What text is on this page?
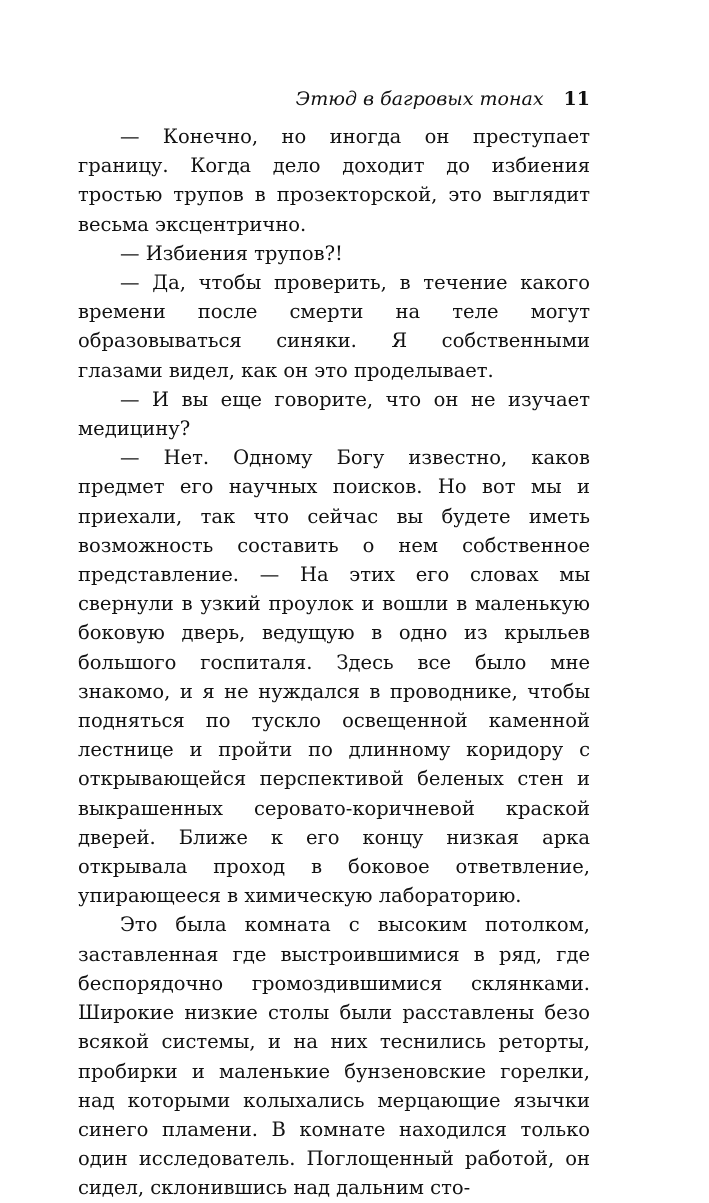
Этюд в багровых тонах 11

— Конечно, но иногда он преступает границу. Когда дело доходит до избиения тростью трупов в прозекторской, это выглядит весьма эксцентрично.

— Избиения трупов?!

— Да, чтобы проверить, в течение какого времени после смерти на теле могут образовываться синяки. Я собственными глазами видел, как он это проделывает.

— И вы еще говорите, что он не изучает медицину?

— Нет. Одному Богу известно, каков предмет его научных поисков. Но вот мы и приехали, так что сейчас вы будете иметь возможность составить о нем собственное представление. — На этих его словах мы свернули в узкий проулок и вошли в маленькую боковую дверь, ведущую в одно из крыльев большого госпиталя. Здесь все было мне знакомо, и я не нуждался в проводнике, чтобы подняться по тускло освещенной каменной лестнице и пройти по длинному коридору с открывающейся перспективой беленых стен и выкрашенных серовато-коричневой краской дверей. Ближе к его концу низкая арка открывала проход в боковое ответвление, упирающееся в химическую лабораторию.

Это была комната с высоким потолком, заставленная где выстроившимися в ряд, где беспорядочно громоздившимися склянками. Широкие низкие столы были расставлены безо всякой системы, и на них теснились реторты, пробирки и маленькие бунзеновские горелки, над которыми колыхались мерцающие язычки синего пламени. В комнате находился только один исследователь. Поглощенный работой, он сидел, склонившись над дальним сто-
